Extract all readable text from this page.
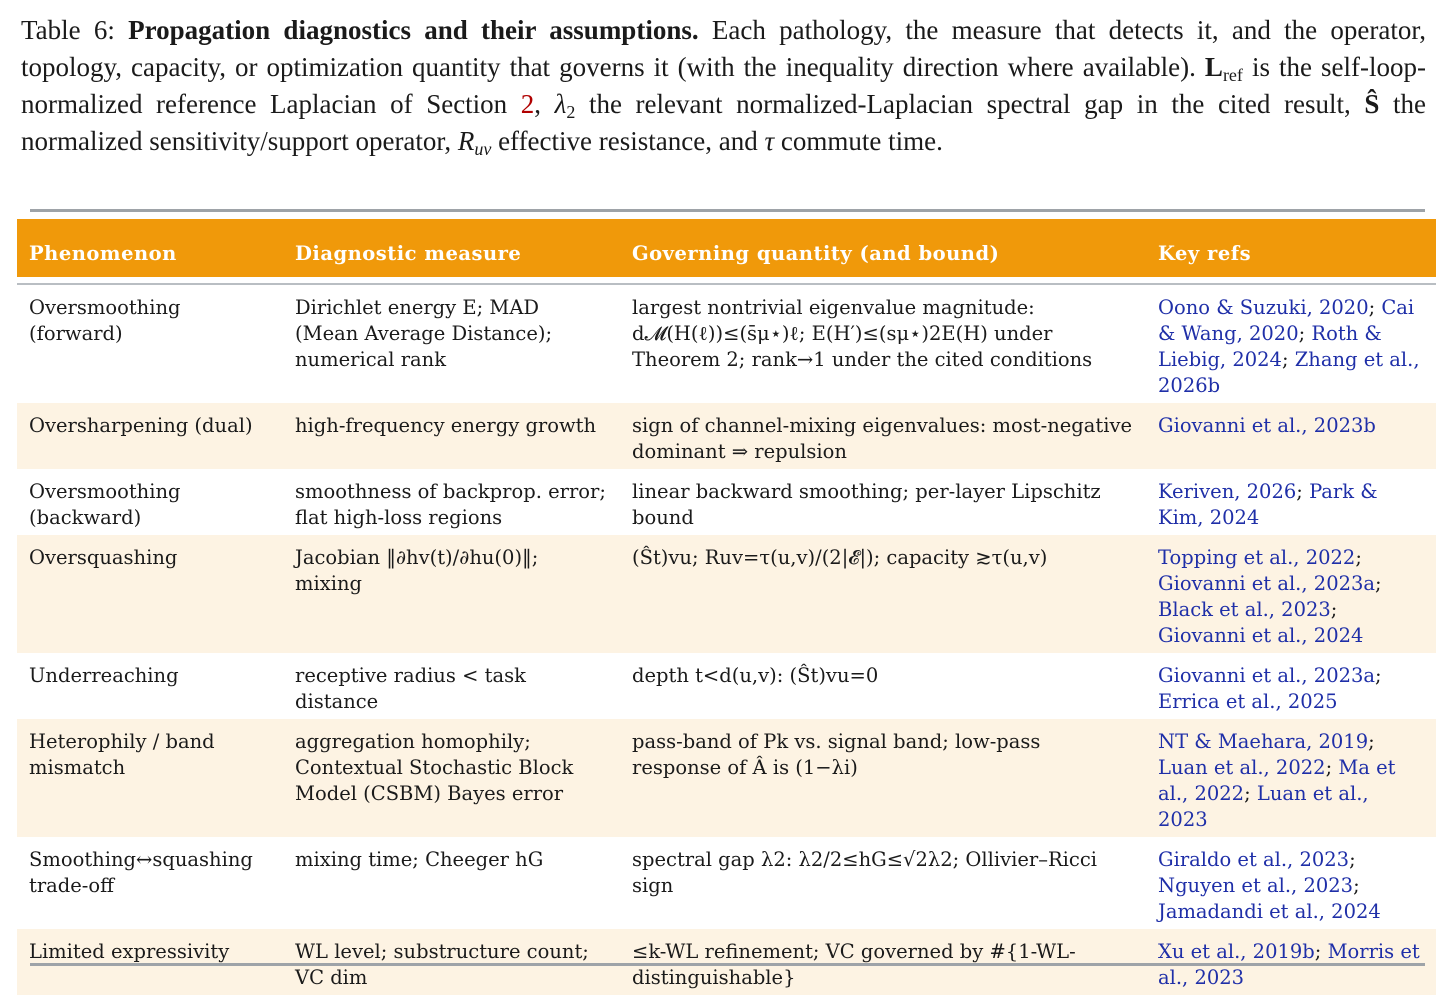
Table 6: Propagation diagnostics and their assumptions. Each pathology, the measure that detects it, and the operator, topology, capacity, or optimization quantity that governs it (with the inequality direction where available). $L_{ref}$ is the self-loop-normalized reference Laplacian of Section 2, $\lambda_2$ the relevant normalized-Laplacian spectral gap in the cited result, Ŝ the normalized sensitivity/support operator, $R_{uv}$ effective resistance, and τ commute time.
Phenomenon	Diagnostic measure	Governing quantity (and bound)	Key refs

Oversmoothing (forward)	Dirichlet energy E; MAD (Mean Average Distance); numerical rank	largest nontrivial eigenvalue magnitude: d𝓜(H(ℓ))≤(s̄μ⋆)ℓ; E(H′)≤(sμ⋆)2E(H) under Theorem 2; rank→1 under the cited conditions	Oono & Suzuki, 2020; Cai & Wang, 2020; Roth & Liebig, 2024; Zhang et al., 2026b
Oversharpening (dual)	high-frequency energy growth	sign of channel-mixing eigenvalues: most-negative dominant ⇒ repulsion	Giovanni et al., 2023b
Oversmoothing (backward)	smoothness of backprop. error; flat high-loss regions	linear backward smoothing; per-layer Lipschitz bound	Keriven, 2026; Park & Kim, 2024
Oversquashing	Jacobian ‖∂hv(t)/∂hu(0)‖; mixing	(Ŝt)vu; Ruv=τ(u,v)/(2|𝓔|); capacity ≳τ(u,v)	Topping et al., 2022;
Giovanni et al., 2023a;
Black et al., 2023;
Giovanni et al., 2024
Underreaching	receptive radius < task distance	depth t<d(u,v): (Ŝt)vu=0	Giovanni et al., 2023a;
Errica et al., 2025
Heterophily / band mismatch	aggregation homophily; Contextual Stochastic Block Model (CSBM) Bayes error	pass-band of Pk vs. signal band; low-pass response of Â is (1−λi)	NT & Maehara, 2019;
Luan et al., 2022; Ma et al., 2022; Luan et al., 2023
Smoothing↔squashing trade-off	mixing time; Cheeger hG	spectral gap λ2: λ2/2≤hG≤√2λ2; Ollivier–Ricci sign	Giraldo et al., 2023;
Nguyen et al., 2023;
Jamadandi et al., 2024
Limited expressivity	WL level; substructure count; VC dim	≤k-WL refinement; VC governed by #{1-WL-distinguishable}	Xu et al., 2019b; Morris et al., 2023
